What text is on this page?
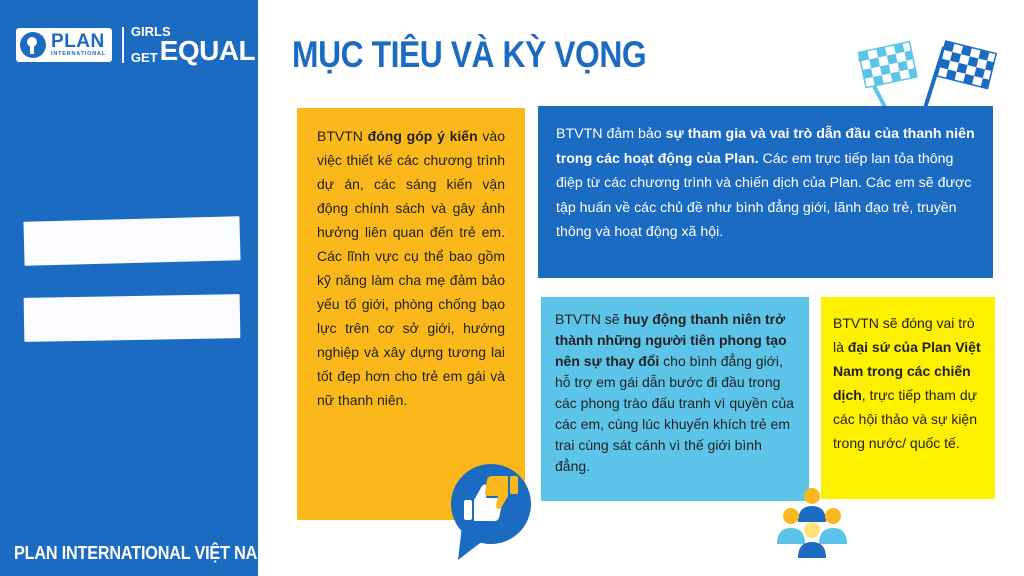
PLAN
INTERNATIONAL
GIRLS
GET EQUAL
PLAN INTERNATIONAL VIỆT NAM
MỤC TIÊU VÀ KỲ VỌNG
BTVTN đóng góp ý kiến vào việc thiết kế các chương trình dự án, các sáng kiến vận động chính sách và gây ảnh hưởng liên quan đến trẻ em. Các lĩnh vực cụ thể bao gồm kỹ năng làm cha mẹ đảm bảo yếu tố giới, phòng chống bạo lực trên cơ sở giới, hướng nghiệp và xây dựng tương lai tốt đẹp hơn cho trẻ em gái và nữ thanh niên.
BTVTN đảm bảo sự tham gia và vai trò dẫn đầu của thanh niên trong các hoạt động của Plan. Các em trực tiếp lan tỏa thông điệp từ các chương trình và chiến dịch của Plan. Các em sẽ được tập huấn về các chủ đề như bình đẳng giới, lãnh đạo trẻ, truyền thông và hoạt động xã hội.
BTVTN sẽ huy động thanh niên trở thành những người tiên phong tạo nên sự thay đổi cho bình đẳng giới, hỗ trợ em gái dẫn bước đi đầu trong các phong trào đấu tranh vì quyền của các em, cùng lúc khuyến khích trẻ em trai cùng sát cánh vì thế giới bình đẳng.
BTVTN sẽ đóng vai trò là đại sứ của Plan Việt Nam trong các chiến dịch, trực tiếp tham dự các hội thảo và sự kiện trong nước/ quốc tế.
